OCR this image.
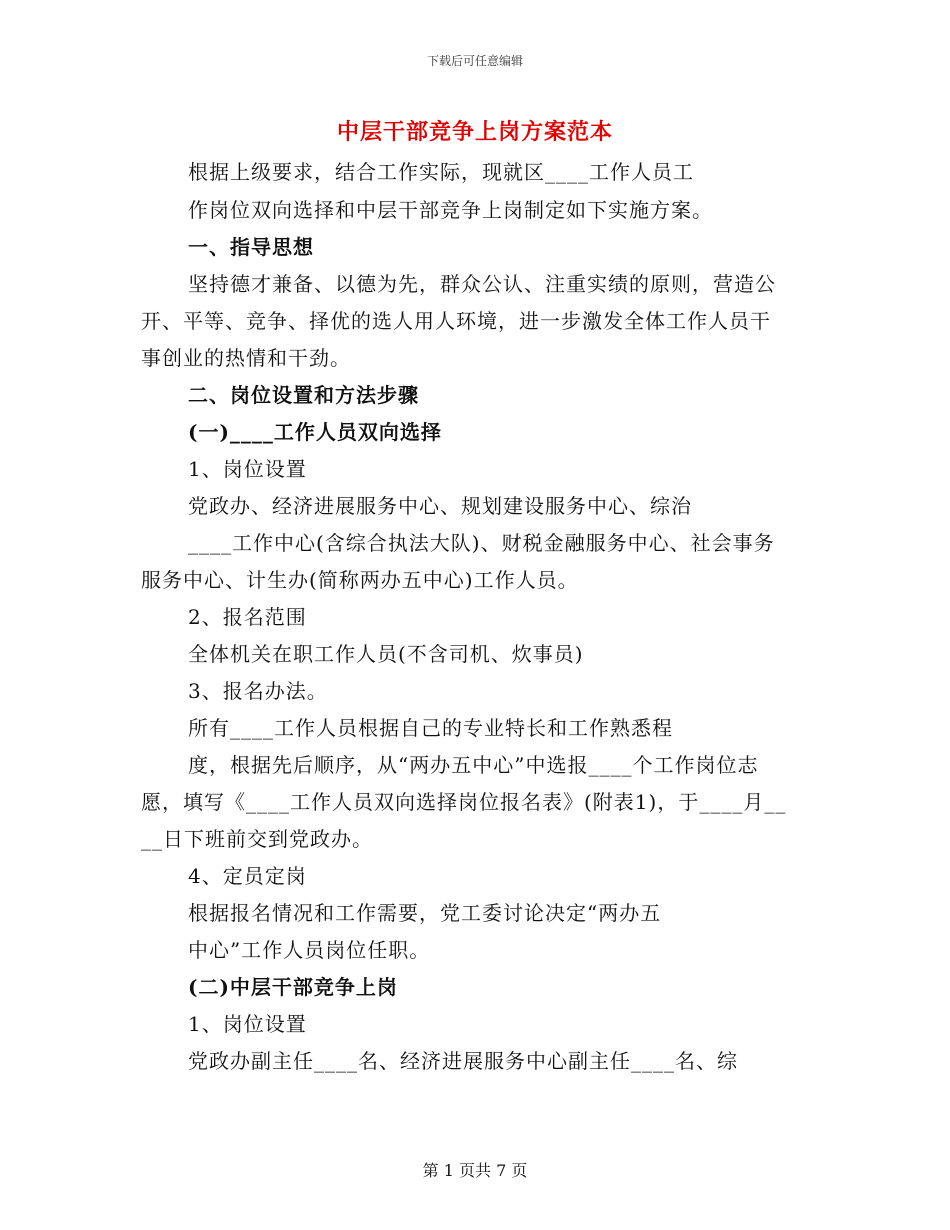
下载后可任意编辑
中层干部竞争上岗方案范本
根据上级要求，结合工作实际，现就区____工作人员工
作岗位双向选择和中层干部竞争上岗制定如下实施方案。
一、指导思想
坚持德才兼备、以德为先，群众公认、注重实绩的原则，营造公
开、平等、竞争、择优的选人用人环境，进一步激发全体工作人员干
事创业的热情和干劲。
二、岗位设置和方法步骤
(一)____工作人员双向选择
1、岗位设置
党政办、经济进展服务中心、规划建设服务中心、综治
____工作中心(含综合执法大队)、财税金融服务中心、社会事务
服务中心、计生办(简称两办五中心)工作人员。
2、报名范围
全体机关在职工作人员(不含司机、炊事员)
3、报名办法。
所有____工作人员根据自己的专业特长和工作熟悉程
度，根据先后顺序，从“两办五中心”中选报____个工作岗位志
愿，填写《____工作人员双向选择岗位报名表》(附表1)，于____月__
__日下班前交到党政办。
4、定员定岗
根据报名情况和工作需要，党工委讨论决定“两办五
中心”工作人员岗位任职。
(二)中层干部竞争上岗
1、岗位设置
党政办副主任____名、经济进展服务中心副主任____名、综
第 1 页共 7 页
